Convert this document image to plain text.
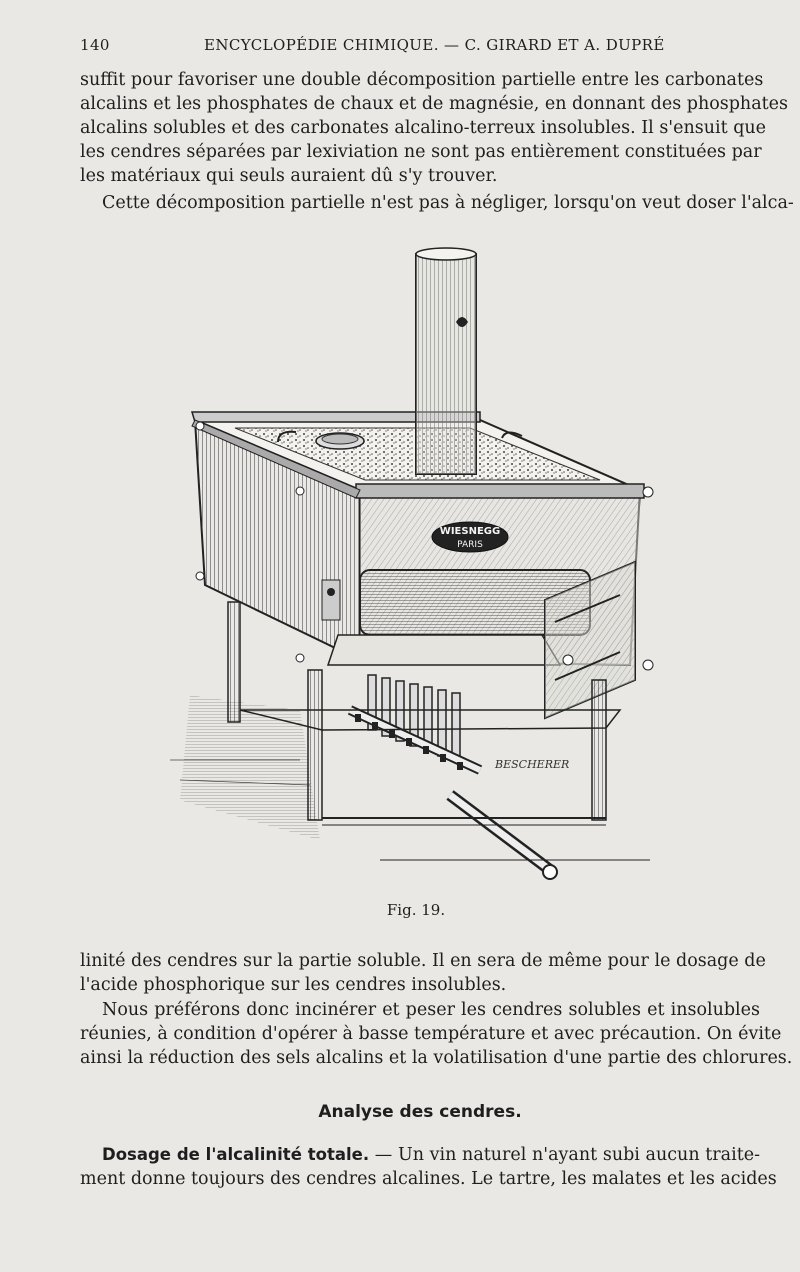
140	ENCYCLOPÉDIE CHIMIQUE. — C. GIRARD ET A. DUPRÉ
suffit pour favoriser une double décomposition partielle entre les carbonates
alcalins et les phosphates de chaux et de magnésie, en donnant des phosphates
alcalins solubles et des carbonates alcalino-terreux insolubles. Il s'ensuit que
les cendres séparées par lexiviation ne sont pas entièrement constituées par
les matériaux qui seuls auraient dû s'y trouver.
Cette décomposition partielle n'est pas à négliger, lorsqu'on veut doser l'alca-
WIESNEGG
PARIS
BESCHERER
Fig. 19.
linité des cendres sur la partie soluble. Il en sera de même pour le dosage de
l'acide phosphorique sur les cendres insolubles.
Nous préférons donc incinérer et peser les cendres solubles et insolubles
réunies, à condition d'opérer à basse température et avec précaution. On évite
ainsi la réduction des sels alcalins et la volatilisation d'une partie des chlorures.
Analyse des cendres.
Dosage de l'alcalinité totale. — Un vin naturel n'ayant subi aucun traite-
ment donne toujours des cendres alcalines. Le tartre, les malates et les acides
